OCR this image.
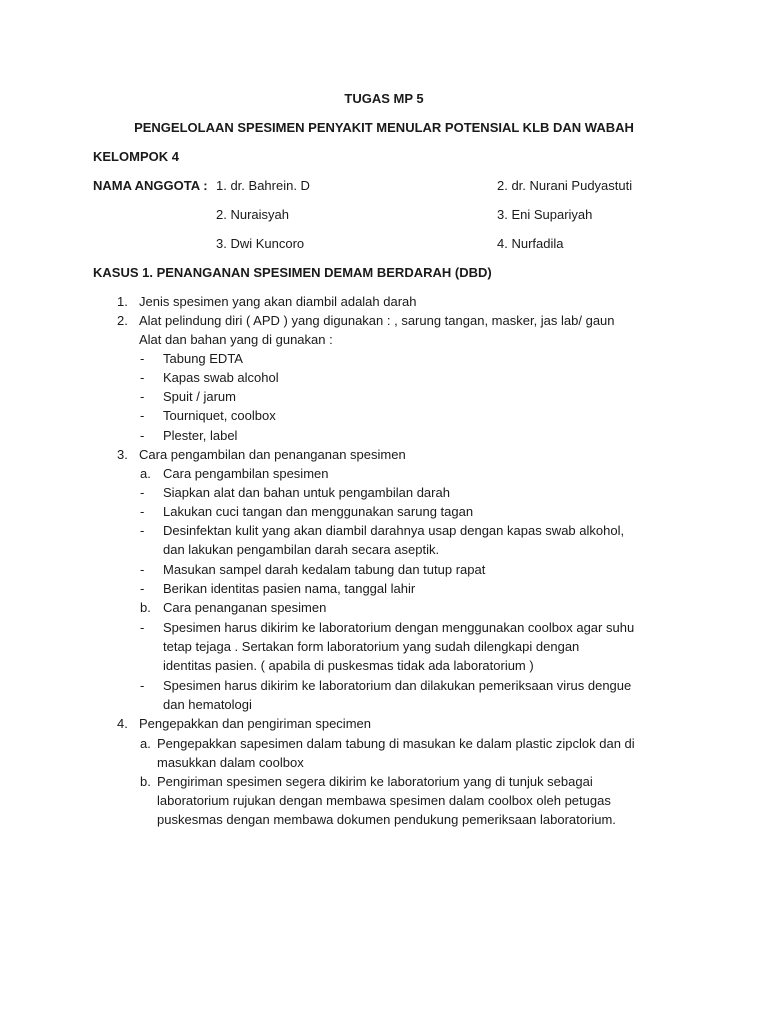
TUGAS MP 5
PENGELOLAAN SPESIMEN PENYAKIT MENULAR POTENSIAL KLB DAN WABAH
KELOMPOK 4
NAMA ANGGOTA : 1. dr. Bahrein. D	2. dr. Nurani Pudyastuti
2. Nuraisyah	3. Eni Supariyah
3. Dwi Kuncoro	4. Nurfadila
KASUS 1. PENANGANAN SPESIMEN DEMAM BERDARAH (DBD)
1. Jenis spesimen yang akan diambil adalah darah
2. Alat pelindung diri ( APD ) yang digunakan : , sarung tangan, masker, jas lab/ gaun
Alat dan bahan yang di gunakan :
- Tabung EDTA
- Kapas swab alcohol
- Spuit / jarum
- Tourniquet, coolbox
- Plester, label
3. Cara pengambilan dan penanganan spesimen
a. Cara pengambilan spesimen
- Siapkan alat dan bahan untuk pengambilan darah
- Lakukan cuci tangan dan menggunakan sarung tagan
- Desinfektan kulit yang akan diambil darahnya usap dengan kapas swab alkohol,
dan lakukan pengambilan darah secara aseptik.
- Masukan sampel darah kedalam tabung dan tutup rapat
- Berikan identitas pasien nama, tanggal lahir
b. Cara penanganan spesimen
- Spesimen harus dikirim ke laboratorium dengan menggunakan coolbox agar suhu
tetap tejaga . Sertakan form laboratorium yang sudah dilengkapi dengan
identitas pasien. ( apabila di puskesmas tidak ada laboratorium )
- Spesimen harus dikirim ke laboratorium dan dilakukan pemeriksaan virus dengue
dan hematologi
4. Pengepakkan dan pengiriman specimen
a. Pengepakkan sapesimen dalam tabung di masukan ke dalam plastic zipclok dan di
masukkan dalam coolbox
b. Pengiriman spesimen segera dikirim ke laboratorium yang di tunjuk sebagai
laboratorium rujukan dengan membawa spesimen dalam coolbox oleh petugas
puskesmas dengan membawa dokumen pendukung pemeriksaan laboratorium.
